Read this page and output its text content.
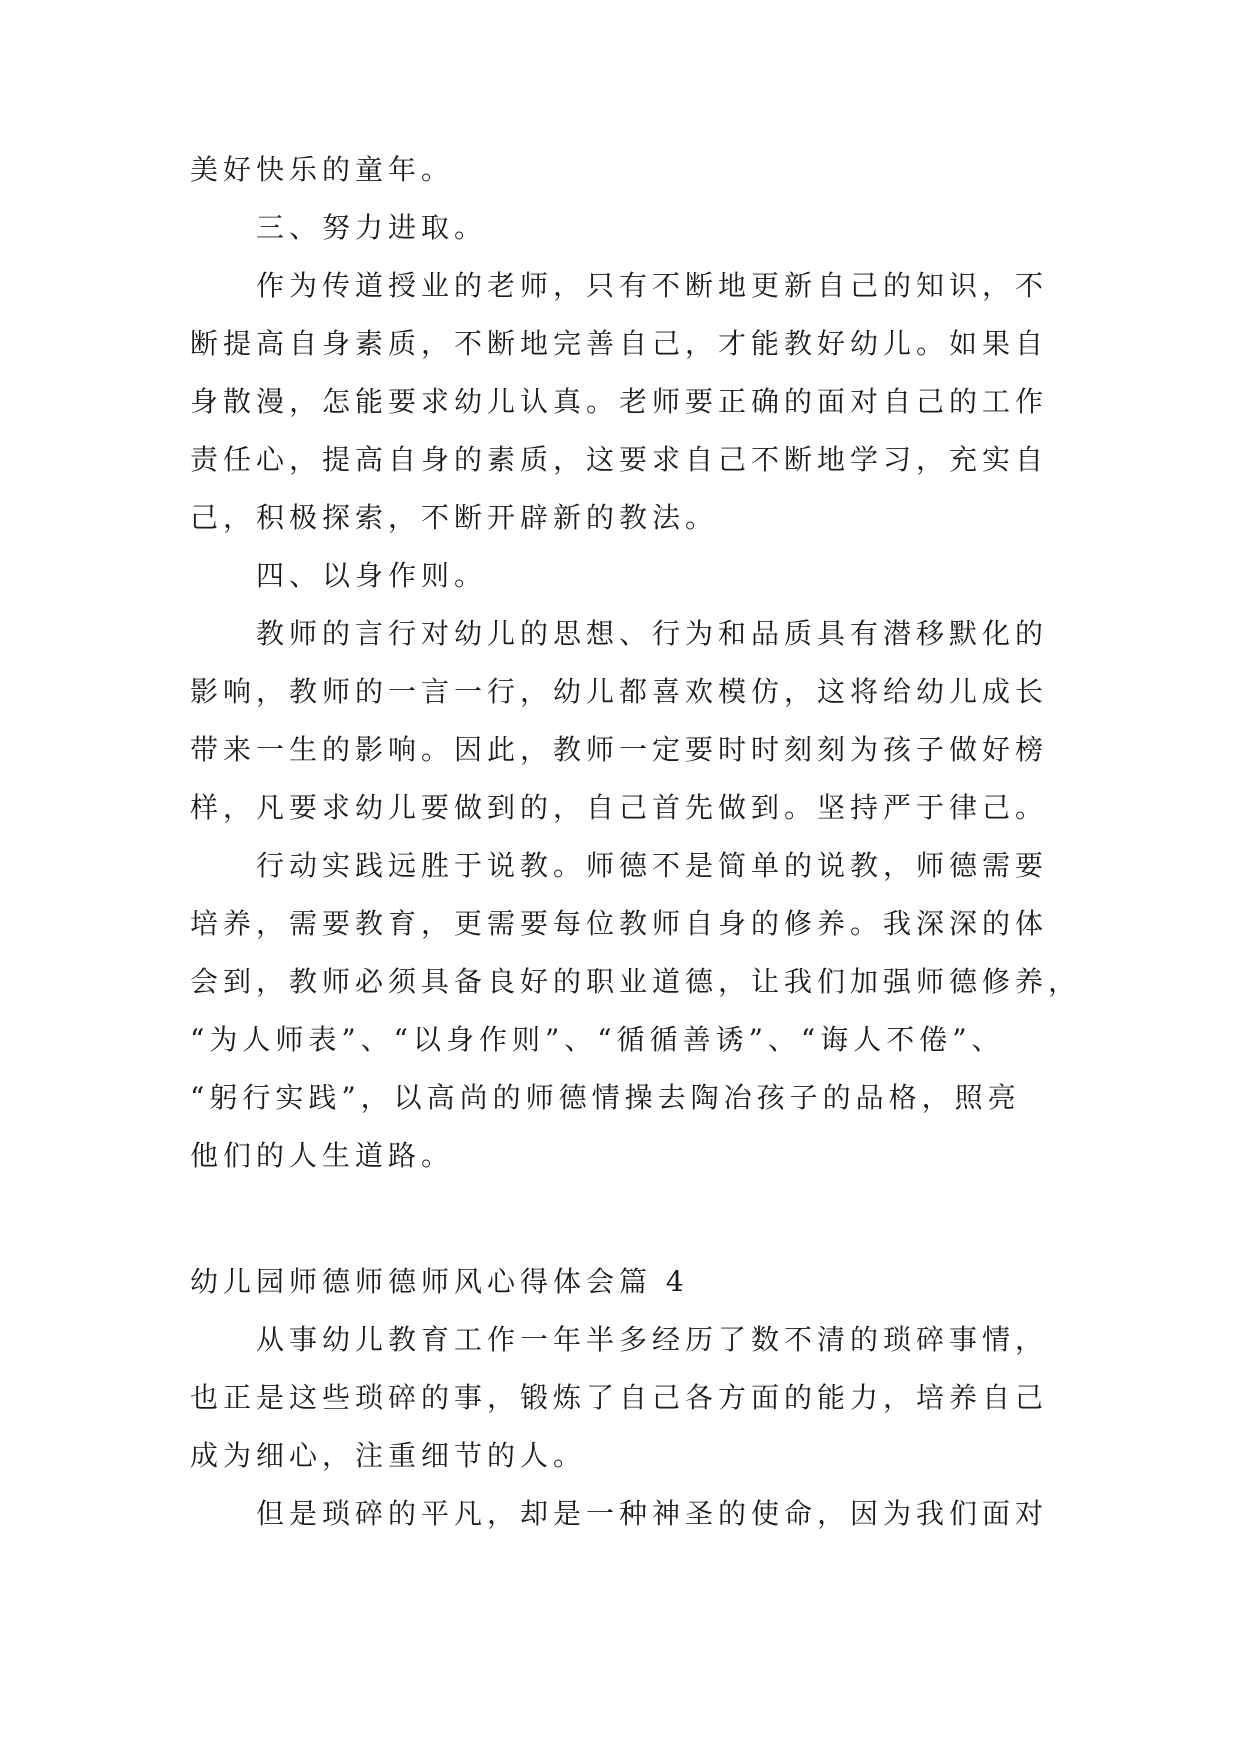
美好快乐的童年。
三、努力进取。
作为传道授业的老师，只有不断地更新自己的知识，不
断提高自身素质，不断地完善自己，才能教好幼儿。如果自
身散漫，怎能要求幼儿认真。老师要正确的面对自己的工作
责任心，提高自身的素质，这要求自己不断地学习，充实自
己，积极探索，不断开辟新的教法。
四、以身作则。
教师的言行对幼儿的思想、行为和品质具有潜移默化的
影响，教师的一言一行，幼儿都喜欢模仿，这将给幼儿成长
带来一生的影响。因此，教师一定要时时刻刻为孩子做好榜
样，凡要求幼儿要做到的，自己首先做到。坚持严于律己。
行动实践远胜于说教。师德不是简单的说教，师德需要
培养，需要教育，更需要每位教师自身的修养。我深深的体
会到，教师必须具备良好的职业道德，让我们加强师德修养，
“为人师表”、“以身作则”、“循循善诱”、“诲人不倦”、
“躬行实践”，以高尚的师德情操去陶冶孩子的品格，照亮
他们的人生道路。
幼儿园师德师德师风心得体会篇 4
从事幼儿教育工作一年半多经历了数不清的琐碎事情，
也正是这些琐碎的事，锻炼了自己各方面的能力，培养自己
成为细心，注重细节的人。
但是琐碎的平凡，却是一种神圣的使命，因为我们面对
